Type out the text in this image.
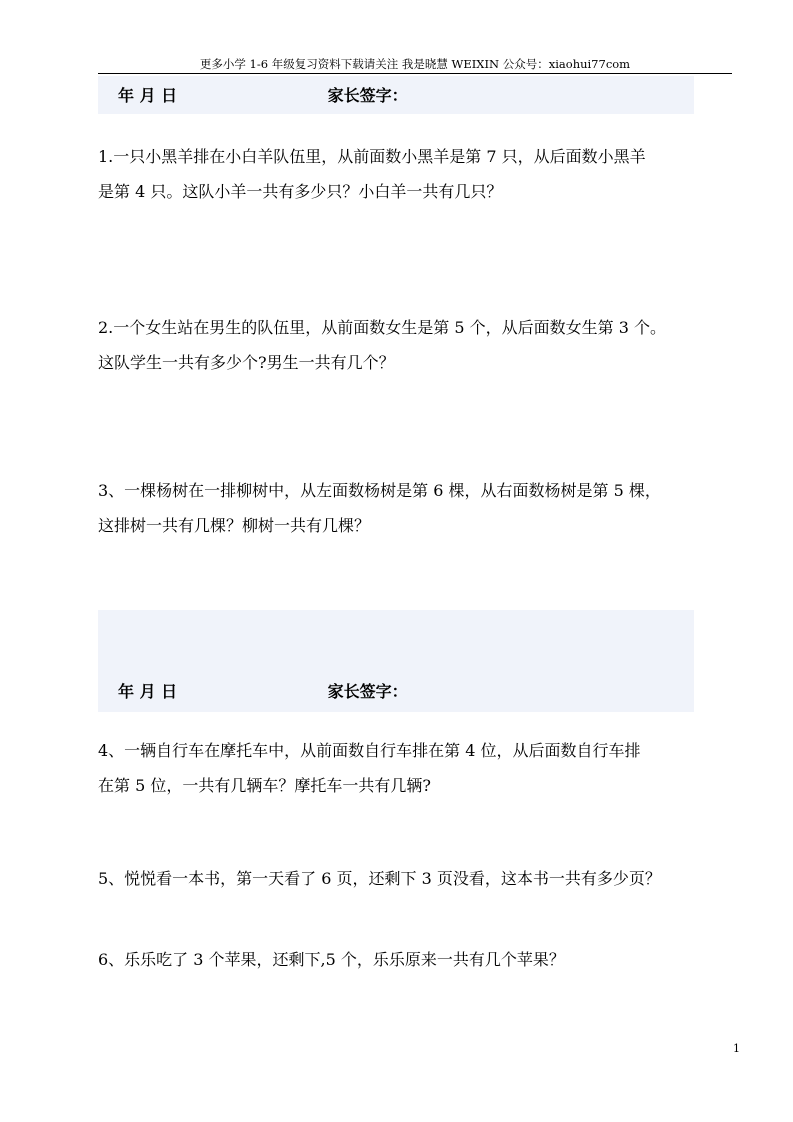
更多小学 1-6 年级复习资料下载请关注 我是晓慧 WEIXIN 公众号：xiaohui77com
年 月 日	家长签字：
1.一只小黑羊排在小白羊队伍里，从前面数小黑羊是第 7 只，从后面数小黑羊
是第 4 只。这队小羊一共有多少只？小白羊一共有几只？
2.一个女生站在男生的队伍里，从前面数女生是第 5 个，从后面数女生第 3 个。
这队学生一共有多少个?男生一共有几个？
3、一棵杨树在一排柳树中，从左面数杨树是第 6 棵，从右面数杨树是第 5 棵，
这排树一共有几棵？柳树一共有几棵？
年 月 日	家长签字：
4、一辆自行车在摩托车中，从前面数自行车排在第 4 位，从后面数自行车排
在第 5 位，一共有几辆车？摩托车一共有几辆?
5、悦悦看一本书，第一天看了 6 页，还剩下 3 页没看，这本书一共有多少页？
6、乐乐吃了 3 个苹果，还剩下,5 个，乐乐原来一共有几个苹果？
1
